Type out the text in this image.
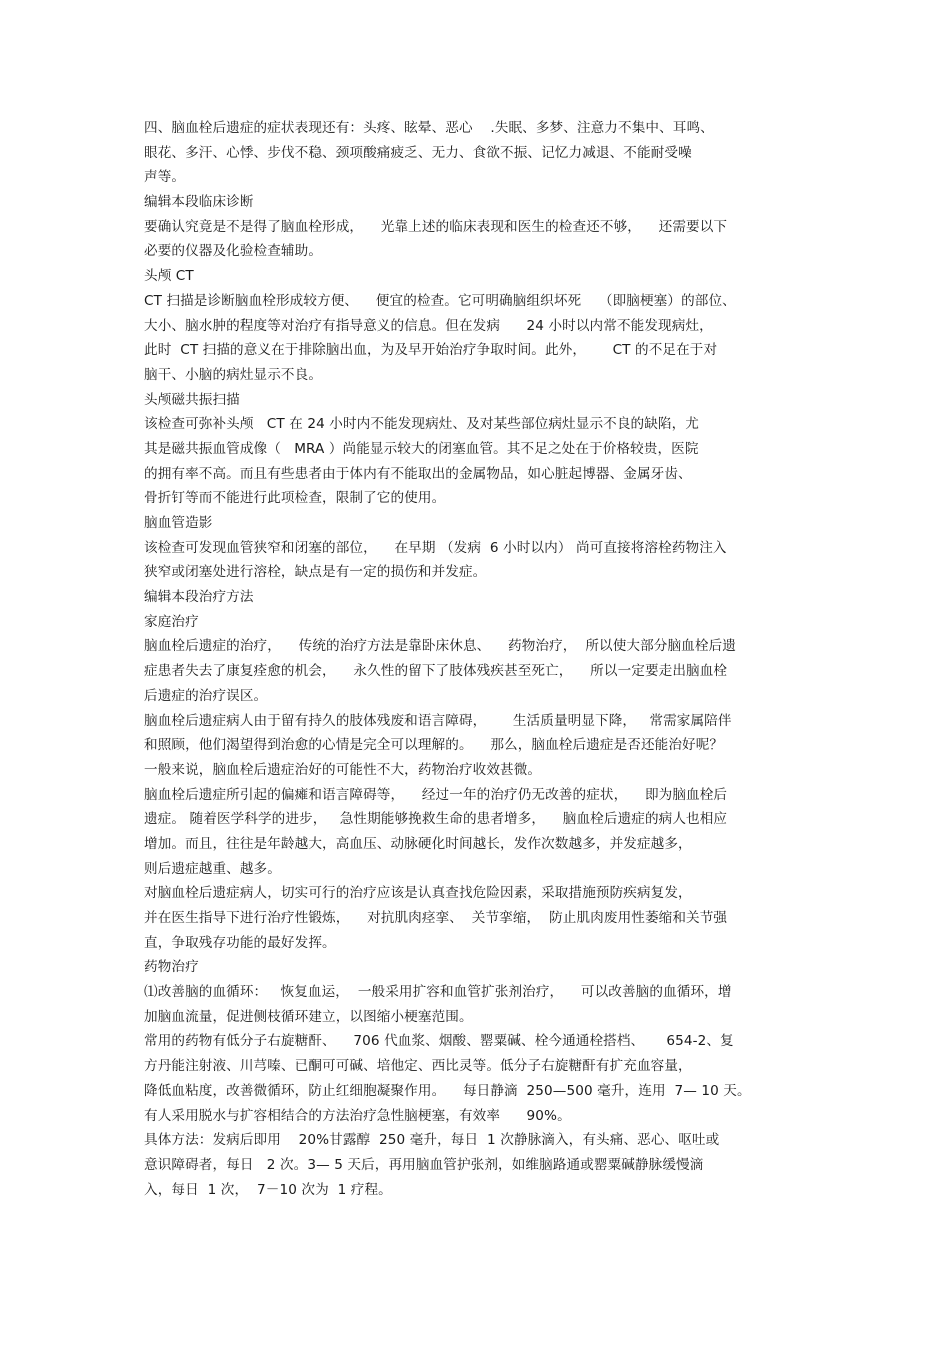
四、脑血栓后遗症的症状表现还有：头疼、眩晕、恶心    .失眠、多梦、注意力不集中、耳鸣、
眼花、多汗、心悸、步伐不稳、颈项酸痛疲乏、无力、食欲不振、记忆力减退、不能耐受噪
声等。
编辑本段临床诊断
要确认究竟是不是得了脑血栓形成，    光靠上述的临床表现和医生的检查还不够，    还需要以下
必要的仪器及化验检查辅助。
头颅 CT
CT 扫描是诊断脑血栓形成较方便、    便宜的检查。它可明确脑组织坏死    （即脑梗塞）的部位、
大小、脑水肿的程度等对治疗有指导意义的信息。但在发病      24 小时以内常不能发现病灶，
此时  CT 扫描的意义在于排除脑出血，为及早开始治疗争取时间。此外，      CT 的不足在于对
脑干、小脑的病灶显示不良。
头颅磁共振扫描
该检查可弥补头颅   CT 在 24 小时内不能发现病灶、及对某些部位病灶显示不良的缺陷，尤
其是磁共振血管成像（   MRA ）尚能显示较大的闭塞血管。其不足之处在于价格较贵，医院
的拥有率不高。而且有些患者由于体内有不能取出的金属物品，如心脏起博器、金属牙齿、
骨折钉等而不能进行此项检查，限制了它的使用。
脑血管造影
该检查可发现血管狭窄和闭塞的部位，    在早期 （发病  6 小时以内） 尚可直接将溶栓药物注入
狭窄或闭塞处进行溶栓，缺点是有一定的损伤和并发症。
编辑本段治疗方法
家庭治疗
脑血栓后遗症的治疗，    传统的治疗方法是靠卧床休息、    药物治疗，  所以使大部分脑血栓后遗
症患者失去了康复痊愈的机会，    永久性的留下了肢体残疾甚至死亡，    所以一定要走出脑血栓
后遗症的治疗误区。
脑血栓后遗症病人由于留有持久的肢体残废和语言障碍，      生活质量明显下降，   常需家属陪伴
和照顾，他们渴望得到治愈的心情是完全可以理解的。    那么，脑血栓后遗症是否还能治好呢？
一般来说，脑血栓后遗症治好的可能性不大，药物治疗收效甚微。
脑血栓后遗症所引起的偏瘫和语言障碍等，    经过一年的治疗仍无改善的症状，    即为脑血栓后
遗症。 随着医学科学的进步，   急性期能够挽救生命的患者增多，    脑血栓后遗症的病人也相应
增加。而且，往往是年龄越大，高血压、动脉硬化时间越长，发作次数越多，并发症越多，
则后遗症越重、越多。
对脑血栓后遗症病人，切实可行的治疗应该是认真查找危险因素，采取措施预防疾病复发，
并在医生指导下进行治疗性锻炼，    对抗肌肉痉挛、  关节挛缩，  防止肌肉废用性萎缩和关节强
直，争取残存功能的最好发挥。
药物治疗
⑴改善脑的血循环：   恢复血运，  一般采用扩容和血管扩张剂治疗，    可以改善脑的血循环，增
加脑血流量，促进侧枝循环建立，以图缩小梗塞范围。
常用的药物有低分子右旋糖酐、    706 代血浆、烟酸、罂粟碱、栓今通通栓搭档、     654-2、复
方丹能注射液、川芎嗪、已酮可可碱、培他定、西比灵等。低分子右旋糖酐有扩充血容量，
降低血粘度，改善微循环，防止红细胞凝聚作用。    每日静滴  250—500 毫升，连用  7— 10 天。
有人采用脱水与扩容相结合的方法治疗急性脑梗塞，有效率      90%。
具体方法：发病后即用    20%甘露醇  250 毫升，每日  1 次静脉滴入，有头痛、恶心、呕吐或
意识障碍者，每日   2 次。3— 5 天后，再用脑血管护张剂，如维脑路通或罂粟碱静脉缓慢滴
入，每日  1 次，  7－10 次为  1 疗程。
